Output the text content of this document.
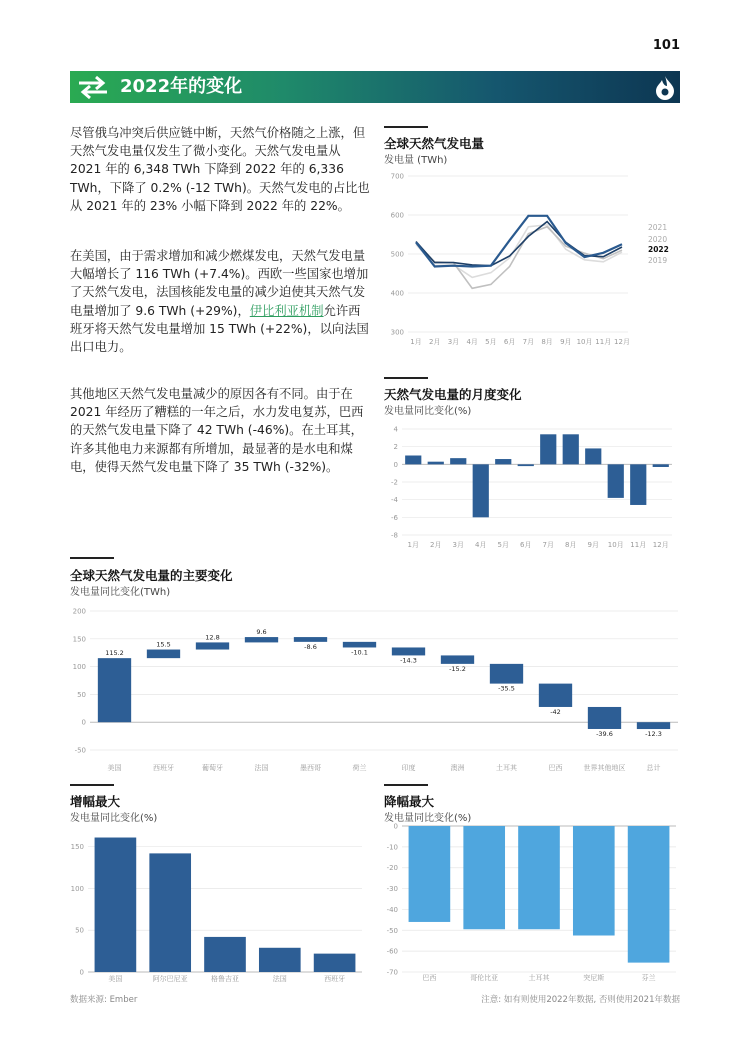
101
2022年的变化
尽管俄乌冲突后供应链中断，天然气价格随之上涨，但天然气发电量仅发生了微小变化。天然气发电量从 2021 年的 6,348 TWh 下降到 2022 年的 6,336 TWh，下降了 0.2% (-12 TWh)。天然气发电的占比也从 2021 年的 23% 小幅下降到 2022 年的 22%。
在美国，由于需求增加和减少燃煤发电，天然气发电量大幅增长了 116 TWh (+7.4%)。西欧一些国家也增加了天然气发电，法国核能发电量的减少迫使其天然气发电量增加了 9.6 TWh (+29%)，伊比利亚机制允许西班牙将天然气发电量增加 15 TWh (+22%)，以向法国出口电力。
其他地区天然气发电量减少的原因各有不同。由于在 2021 年经历了糟糕的一年之后，水力发电复苏，巴西的天然气发电量下降了 42 TWh (-46%)。在土耳其，许多其他电力来源都有所增加，最显著的是水电和煤电，使得天然气发电量下降了 35 TWh (-32%)。
全球天然气发电量
发电量 (TWh)
300
400
500
600
700
1月 2月 3月 4月 5月 6月 7月 8月 9月 10月 11月 12月
2021
2020
2022
2019
天然气发电量的月度变化
发电量同比变化(%)
4
2
0
-2
-4
-6
-8
1月 2月 3月 4月 5月 6月 7月 8月 9月 10月 11月 12月
全球天然气发电量的主要变化
发电量同比变化(TWh)
200
150
100
50
0
-50
115.2
美国
15.5
西班牙
12.8
葡萄牙
9.6
法国
-8.6
墨西哥
-10.1
荷兰
-14.3
印度
-15.2
澳洲
-35.5
土耳其
-42
巴西
-39.6
世界其他地区
-12.3
总计
增幅最大
发电量同比变化(%)
150
100
50
0
美国	阿尔巴尼亚	格鲁吉亚	法国	西班牙
降幅最大
发电量同比变化(%)
0
-10
-20
-30
-40
-50
-60
-70
巴西	哥伦比亚	土耳其	突尼斯	芬兰
数据来源: Ember	注意: 如有则使用2022年数据, 否则使用2021年数据
